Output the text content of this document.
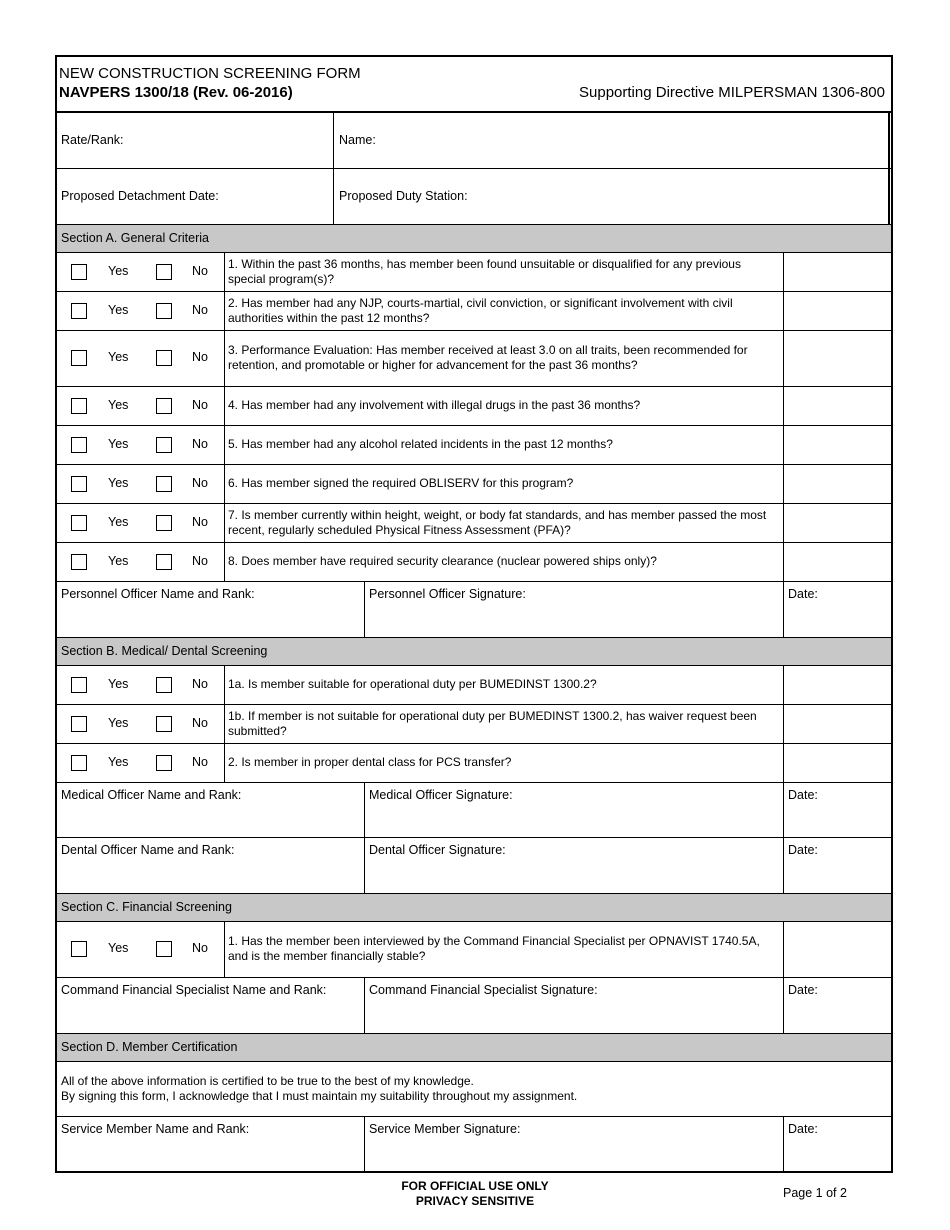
NEW CONSTRUCTION SCREENING FORM
NAVPERS 1300/18 (Rev. 06-2016)	Supporting Directive MILPERSMAN 1306-800
Rate/Rank:	Name:
Proposed Detachment Date:	Proposed Duty Station:
Section A. General Criteria
Yes	No 1. Within the past 36 months, has member been found unsuitable or disqualified for any previous special program(s)?
Yes	No 2. Has member had any NJP, courts-martial, civil conviction, or significant involvement with civil authorities within the past 12 months?
Yes	No 3. Performance Evaluation: Has member received at least 3.0 on all traits, been recommended for retention, and promotable or higher for advancement for the past 36 months?
Yes	No 4. Has member had any involvement with illegal drugs in the past 36 months?
Yes	No 5. Has member had any alcohol related incidents in the past 12 months?
Yes	No 6. Has member signed the required OBLISERV for this program?
Yes	No 7. Is member currently within height, weight, or body fat standards, and has member passed the most recent, regularly scheduled Physical Fitness Assessment (PFA)?
Yes	No 8. Does member have required security clearance (nuclear powered ships only)?
Personnel Officer Name and Rank:	Personnel Officer Signature:	Date:
Section B. Medical/ Dental Screening
Yes	No 1a. Is member suitable for operational duty per BUMEDINST 1300.2?
Yes	No 1b. If member is not suitable for operational duty per BUMEDINST 1300.2, has waiver request been submitted?
Yes	No 2. Is member in proper dental class for PCS transfer?
Medical Officer Name and Rank:	Medical Officer Signature:	Date:
Dental Officer Name and Rank:	Dental Officer Signature:	Date:
Section C. Financial Screening
Yes	No 1. Has the member been interviewed by the Command Financial Specialist per OPNAVIST 1740.5A, and is the member financially stable?
Command Financial Specialist Name and Rank:	Command Financial Specialist Signature:	Date:
Section D. Member Certification
All of the above information is certified to be true to the best of my knowledge.
By signing this form, I acknowledge that I must maintain my suitability throughout my assignment.
Service Member Name and Rank:	Service Member Signature:	Date:
FOR OFFICIAL USE ONLY
PRIVACY SENSITIVE
Page 1 of 2
